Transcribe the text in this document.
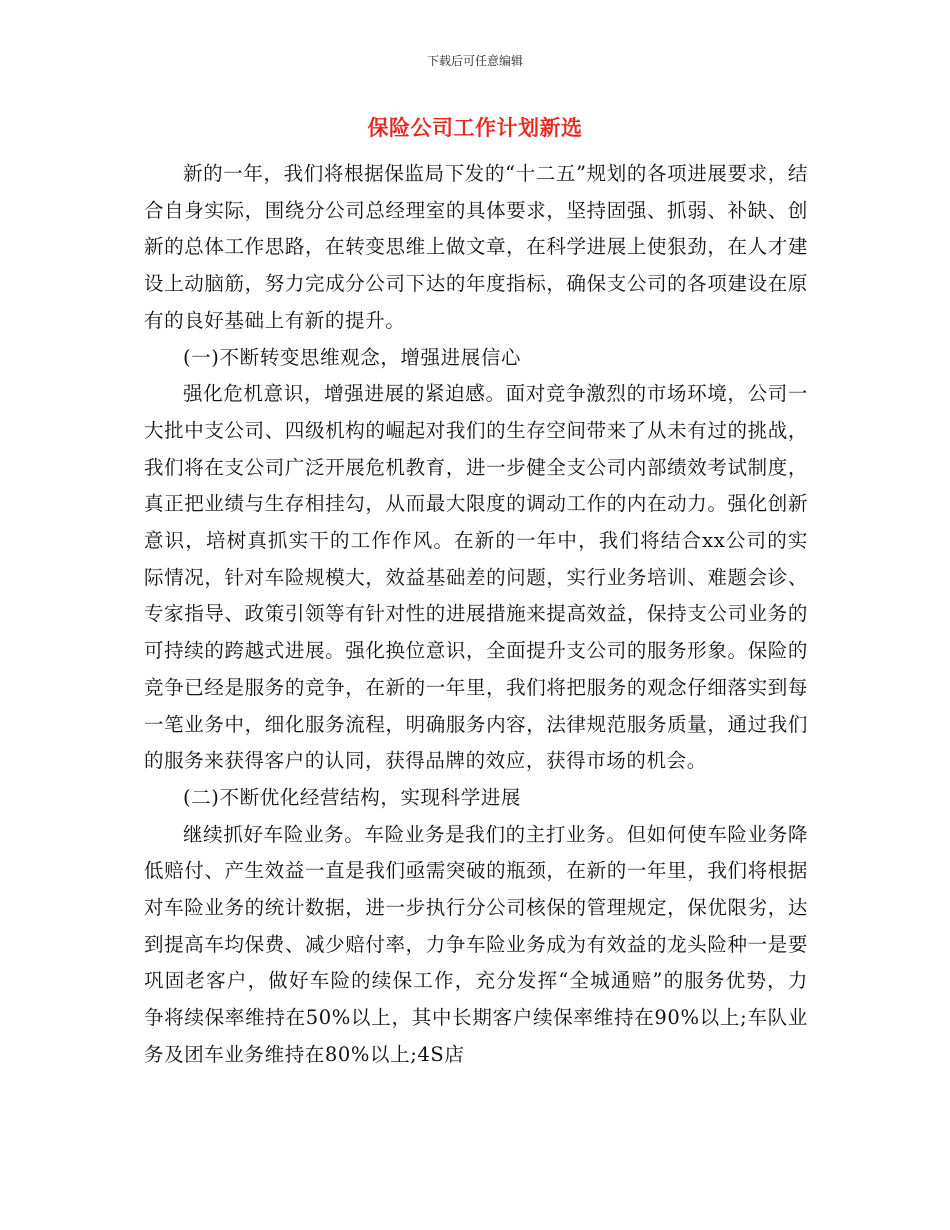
下载后可任意编辑
保险公司工作计划新选

新的一年，我们将根据保监局下发的“十二五”规划的各项进展要求，结合自身实际，围绕分公司总经理室的具体要求，坚持固强、抓弱、补缺、创新的总体工作思路，在转变思维上做文章，在科学进展上使狠劲，在人才建设上动脑筋，努力完成分公司下达的年度指标，确保支公司的各项建设在原有的良好基础上有新的提升。

(一)不断转变思维观念，增强进展信心

强化危机意识，增强进展的紧迫感。面对竞争激烈的市场环境，公司一大批中支公司、四级机构的崛起对我们的生存空间带来了从未有过的挑战，我们将在支公司广泛开展危机教育，进一步健全支公司内部绩效考试制度，真正把业绩与生存相挂勾，从而最大限度的调动工作的内在动力。强化创新意识，培树真抓实干的工作作风。在新的一年中，我们将结合xx公司的实际情况，针对车险规模大，效益基础差的问题，实行业务培训、难题会诊、专家指导、政策引领等有针对性的进展措施来提高效益，保持支公司业务的可持续的跨越式进展。强化换位意识，全面提升支公司的服务形象。保险的竞争已经是服务的竞争，在新的一年里，我们将把服务的观念仔细落实到每一笔业务中，细化服务流程，明确服务内容，法律规范服务质量，通过我们的服务来获得客户的认同，获得品牌的效应，获得市场的机会。

(二)不断优化经营结构，实现科学进展

继续抓好车险业务。车险业务是我们的主打业务。但如何使车险业务降低赔付、产生效益一直是我们亟需突破的瓶颈，在新的一年里，我们将根据对车险业务的统计数据，进一步执行分公司核保的管理规定，保优限劣，达到提高车均保费、减少赔付率，力争车险业务成为有效益的龙头险种一是要巩固老客户，做好车险的续保工作，充分发挥“全城通赔”的服务优势，力争将续保率维持在50%以上，其中长期客户续保率维持在90%以上;车队业务及团车业务维持在80%以上;4S店
